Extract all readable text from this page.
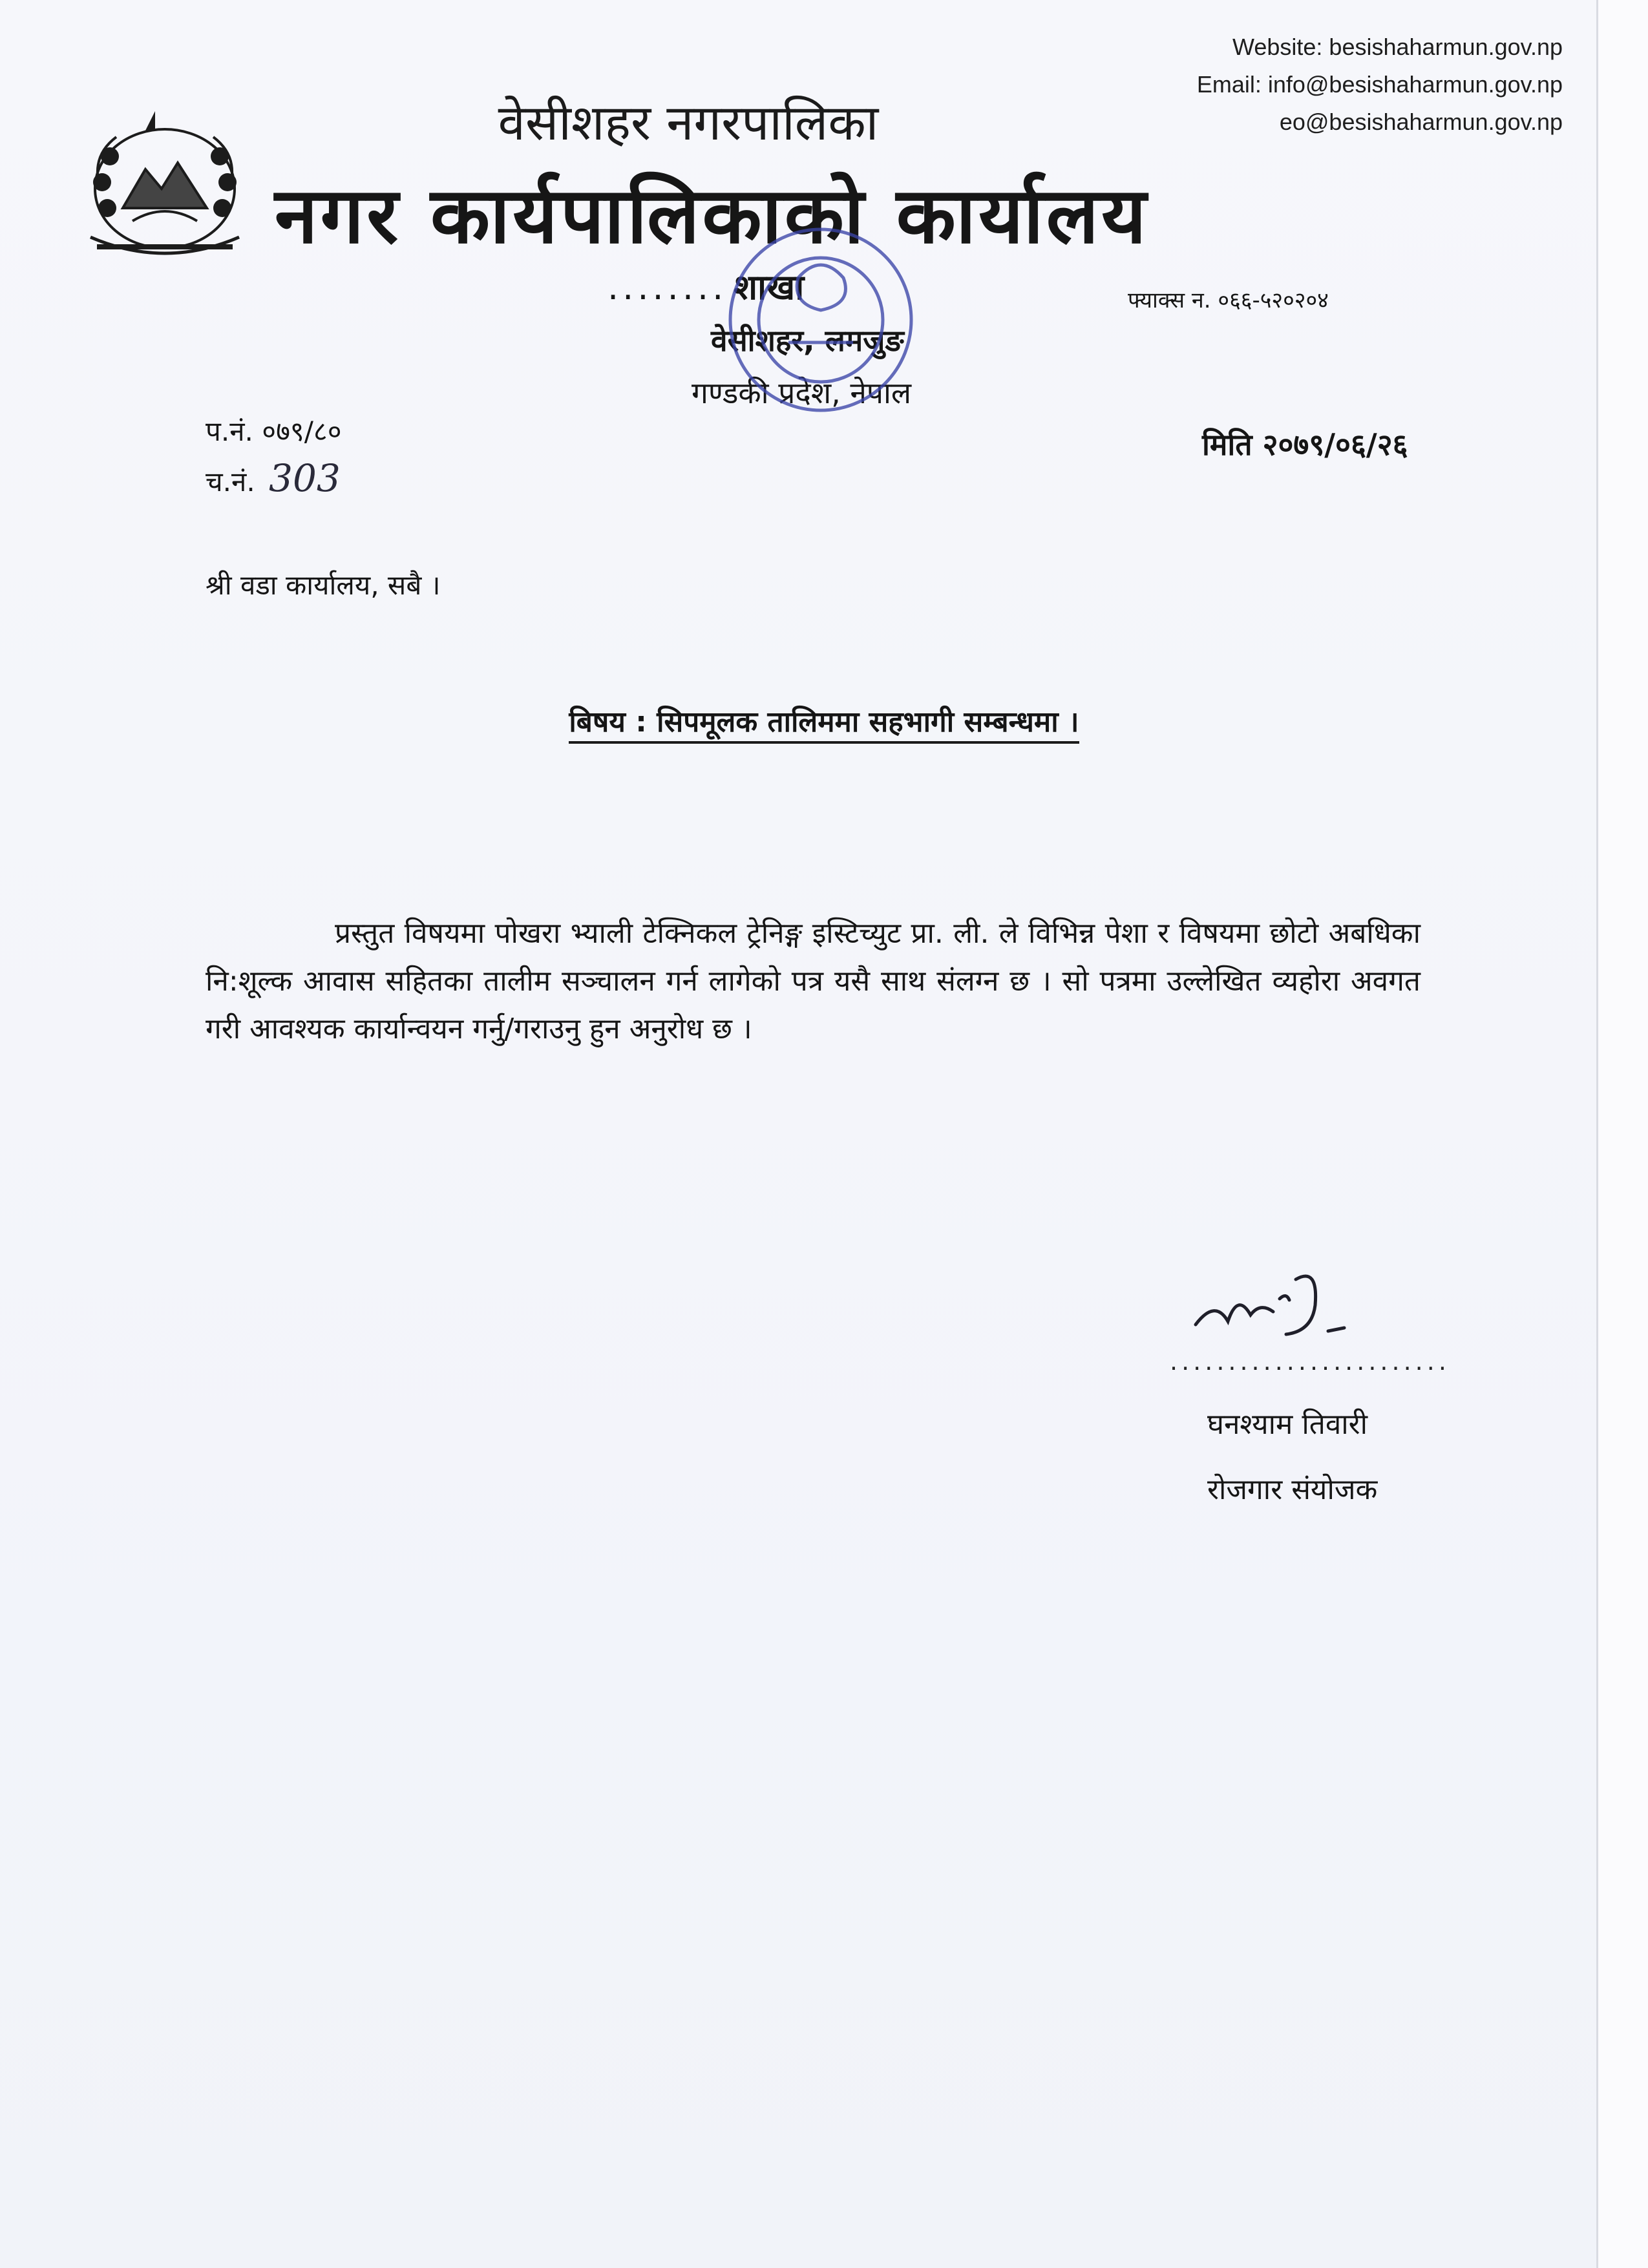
Website: besishaharmun.gov.np
Email: info@besishaharmun.gov.np
eo@besishaharmun.gov.np
वेसीशहर नगरपालिका
नगर कार्यपालिकाको कार्यालय
........ शाखा
वेसीशहर, लमजुङ
गण्डकी प्रदेश, नेपाल
फ्याक्स न. ०६६-५२०२०४
प.नं. ०७९/८०
च.नं. 303
मिति २०७९/०६/२६
श्री वडा कार्यालय, सबै ।
बिषय : सिपमूलक तालिममा सहभागी सम्बन्धमा ।
प्रस्तुत विषयमा पोखरा भ्याली टेक्निकल ट्रेनिङ्ग इस्टिच्युट प्रा. ली. ले विभिन्न पेशा र विषयमा छोटो अबधिका नि:शूल्क आवास सहितका तालीम सञ्चालन गर्न लागेको पत्र यसै साथ संलग्न छ । सो पत्रमा उल्लेखित व्यहोरा अवगत गरी आवश्यक कार्यान्वयन गर्नु/गराउनु हुन अनुरोध छ ।
........................
घनश्याम तिवारी
रोजगार संयोजक
